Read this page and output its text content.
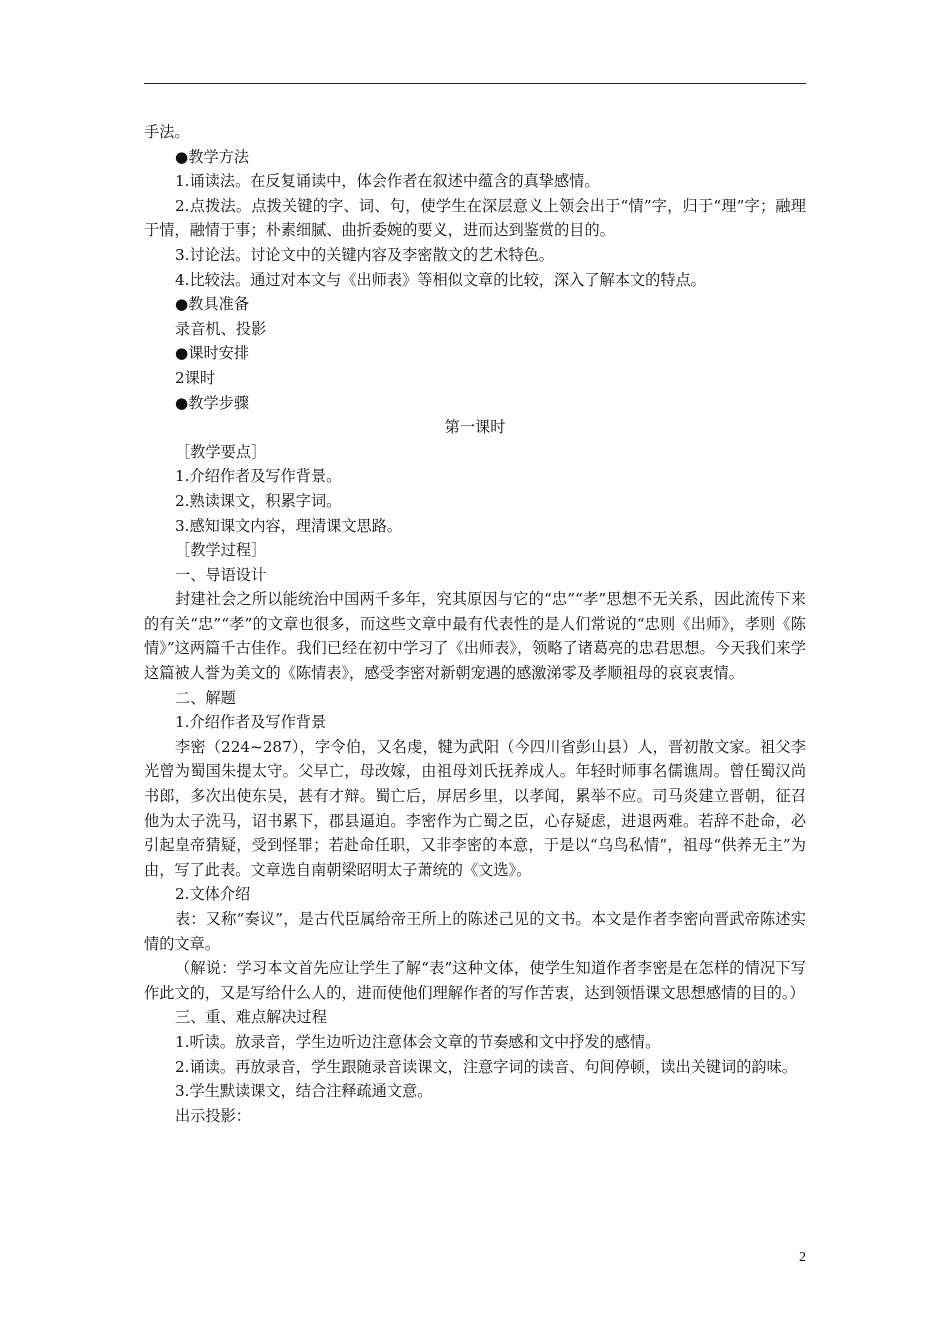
手法。

●教学方法

1.诵读法。在反复诵读中，体会作者在叙述中蕴含的真挚感情。

2.点拨法。点拨关键的字、词、句，使学生在深层意义上领会出于“情”字，归于“理”字；融理于情，融情于事；朴素细腻、曲折委婉的要义，进而达到鉴赏的目的。

3.讨论法。讨论文中的关键内容及李密散文的艺术特色。

4.比较法。通过对本文与《出师表》等相似文章的比较，深入了解本文的特点。

●教具准备

录音机、投影

●课时安排

2课时

●教学步骤

第一课时

［教学要点］

1.介绍作者及写作背景。

2.熟读课文，积累字词。

3.感知课文内容，理清课文思路。

［教学过程］

一、导语设计

封建社会之所以能统治中国两千多年，究其原因与它的“忠”“孝”思想不无关系，因此流传下来的有关“忠”“孝”的文章也很多，而这些文章中最有代表性的是人们常说的“忠则《出师》，孝则《陈情》”这两篇千古佳作。我们已经在初中学习了《出师表》，领略了诸葛亮的忠君思想。今天我们来学这篇被人誉为美文的《陈情表》，感受李密对新朝宠遇的感激涕零及孝顺祖母的哀哀衷情。

二、解题

1.介绍作者及写作背景

李密（224~287），字令伯，又名虔，犍为武阳（今四川省彭山县）人，晋初散文家。祖父李光曾为蜀国朱提太守。父早亡，母改嫁，由祖母刘氏抚养成人。年轻时师事名儒谯周。曾任蜀汉尚书郎，多次出使东吴，甚有才辩。蜀亡后，屏居乡里，以孝闻，累举不应。司马炎建立晋朝，征召他为太子洗马，诏书累下，郡县逼迫。李密作为亡蜀之臣，心存疑虑，进退两难。若辞不赴命，必引起皇帝猜疑，受到怪罪；若赴命任职，又非李密的本意，于是以“乌鸟私情”，祖母“供养无主”为由，写了此表。文章选自南朝梁昭明太子萧统的《文选》。

2.文体介绍

表：又称“奏议”，是古代臣属给帝王所上的陈述己见的文书。本文是作者李密向晋武帝陈述实情的文章。

（解说：学习本文首先应让学生了解“表”这种文体，使学生知道作者李密是在怎样的情况下写作此文的，又是写给什么人的，进而使他们理解作者的写作苦衷，达到领悟课文思想感情的目的。）

三、重、难点解决过程

1.听读。放录音，学生边听边注意体会文章的节奏感和文中抒发的感情。

2.诵读。再放录音，学生跟随录音读课文，注意字词的读音、句间停顿，读出关键词的韵味。

3.学生默读课文，结合注释疏通文意。

出示投影：

2
